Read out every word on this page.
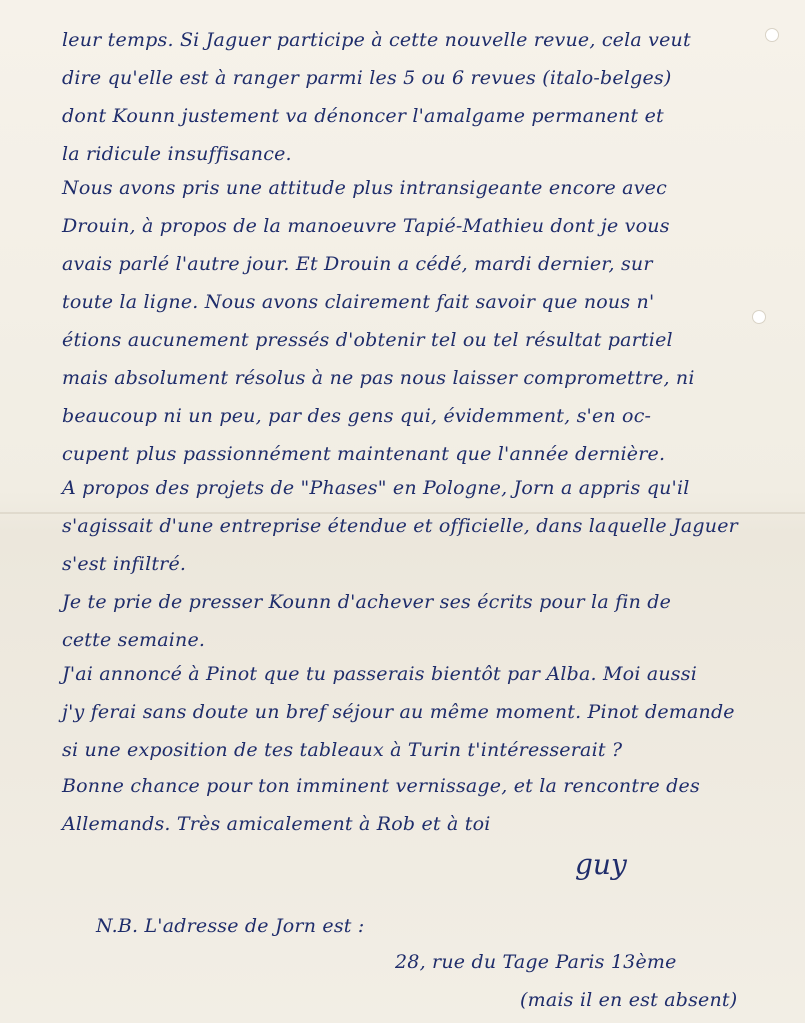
leur temps. Si Jaguer participe à cette nouvelle revue, cela veut
dire qu'elle est à ranger parmi les 5 ou 6 revues (italo-belges)
dont Kounn justement va dénoncer l'amalgame permanent et
la ridicule insuffisance.
Nous avons pris une attitude plus intransigeante encore avec
Drouin, à propos de la manoeuvre Tapié-Mathieu dont je vous
avais parlé l'autre jour. Et Drouin a cédé, mardi dernier, sur
toute la ligne. Nous avons clairement fait savoir que nous n'
étions aucunement pressés d'obtenir tel ou tel résultat partiel
mais absolument résolus à ne pas nous laisser compromettre, ni
beaucoup ni un peu, par des gens qui, évidemment, s'en oc-
cupent plus passionnément maintenant que l'année dernière.
A propos des projets de "Phases" en Pologne, Jorn a appris qu'il
s'agissait d'une entreprise étendue et officielle, dans laquelle Jaguer
s'est infiltré.
Je te prie de presser Kounn d'achever ses écrits pour la fin de
cette semaine.
J'ai annoncé à Pinot que tu passerais bientôt par Alba. Moi aussi
j'y ferai sans doute un bref séjour au même moment. Pinot demande
si une exposition de tes tableaux à Turin t'intéresserait ?
Bonne chance pour ton imminent vernissage, et la rencontre des
Allemands. Très amicalement à Rob et à toi
guy
N.B. L'adresse de Jorn est :
28, rue du Tage Paris 13ème
(mais il en est absent)
